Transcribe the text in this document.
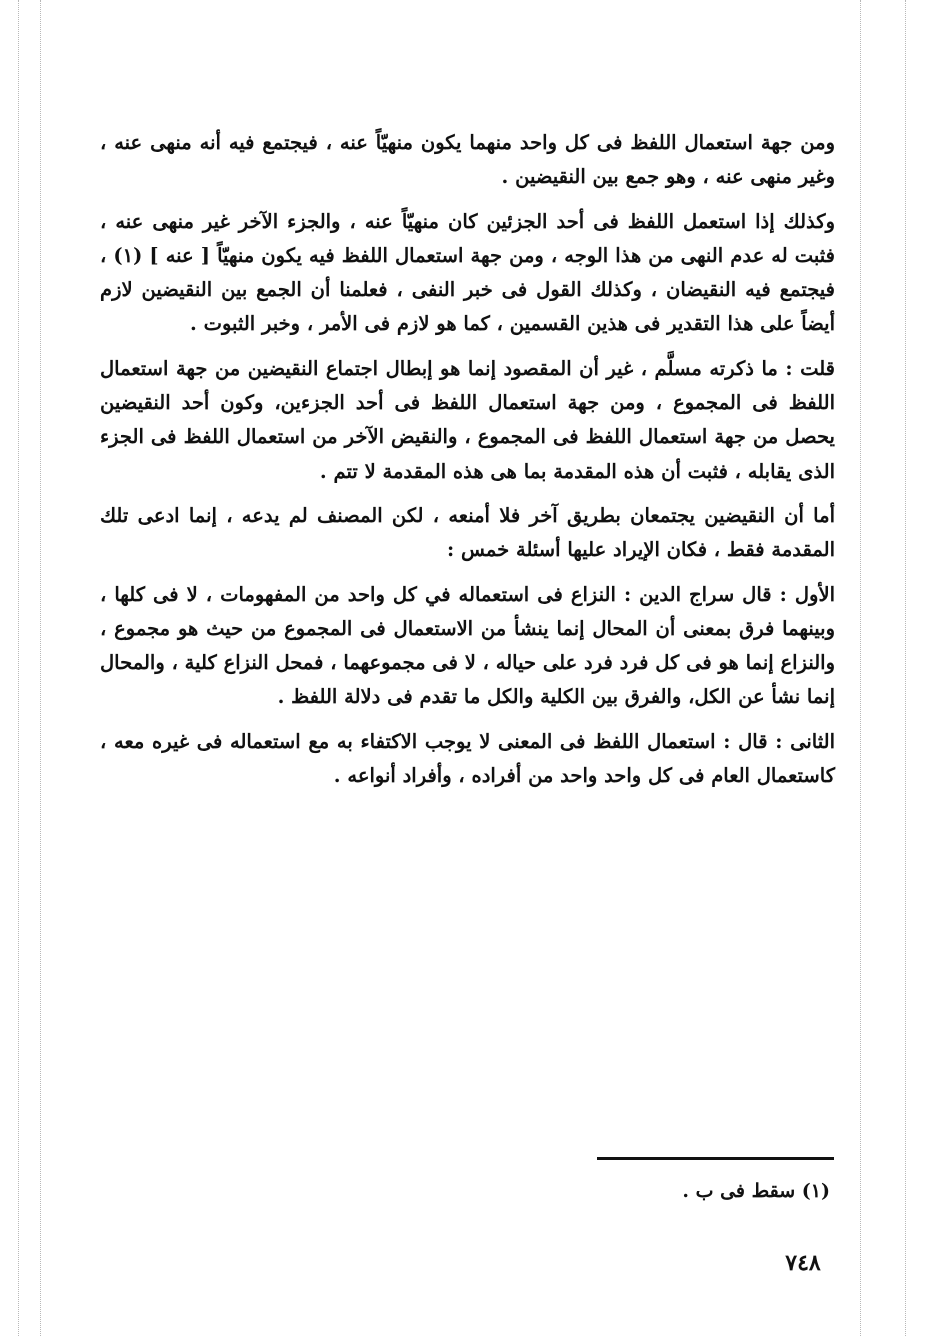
ومن جهة استعمال اللفظ فى كل واحد منهما يكون منهيّاً عنه ، فيجتمع فيه أنه منهى عنه ، وغير منهى عنه ، وهو جمع بين النقيضين .

وكذلك إذا استعمل اللفظ فى أحد الجزئين كان منهيّاً عنه ، والجزء الآخر غير منهى عنه ، فثبت له عدم النهى من هذا الوجه ، ومن جهة استعمال اللفظ فيه يكون منهيّاً [ عنه ] (١) ، فيجتمع فيه النقيضان ، وكذلك القول فى خبر النفى ، فعلمنا أن الجمع بين النقيضين لازم أيضاً على هذا التقدير فى هذين القسمين ، كما هو لازم فى الأمر ، وخبر الثبوت .

قلت : ما ذكرته مسلَّم ، غير أن المقصود إنما هو إبطال اجتماع النقيضين من جهة استعمال اللفظ فى المجموع ، ومن جهة استعمال اللفظ فى أحد الجزءين، وكون أحد النقيضين يحصل من جهة استعمال اللفظ فى المجموع ، والنقيض الآخر من استعمال اللفظ فى الجزء الذى يقابله ، فثبت أن هذه المقدمة بما هى هذه المقدمة لا تتم .

أما أن النقيضين يجتمعان بطريق آخر فلا أمنعه ، لكن المصنف لم يدعه ، إنما ادعى تلك المقدمة فقط ، فكان الإيراد عليها أسئلة خمس :

الأول : قال سراج الدين : النزاع فى استعماله في كل واحد من المفهومات ، لا فى كلها ، وبينهما فرق بمعنى أن المحال إنما ينشأ من الاستعمال فى المجموع من حيث هو مجموع ، والنزاع إنما هو فى كل فرد فرد على حياله ، لا فى مجموعهما ، فمحل النزاع كلية ، والمحال إنما نشأ عن الكل، والفرق بين الكلية والكل ما تقدم فى دلالة اللفظ .

الثانى : قال : استعمال اللفظ فى المعنى لا يوجب الاكتفاء به مع استعماله فى غيره معه ، كاستعمال العام فى كل واحد واحد من أفراده ، وأفراد أنواعه .

(١) سقط فى ب .
٧٤٨
